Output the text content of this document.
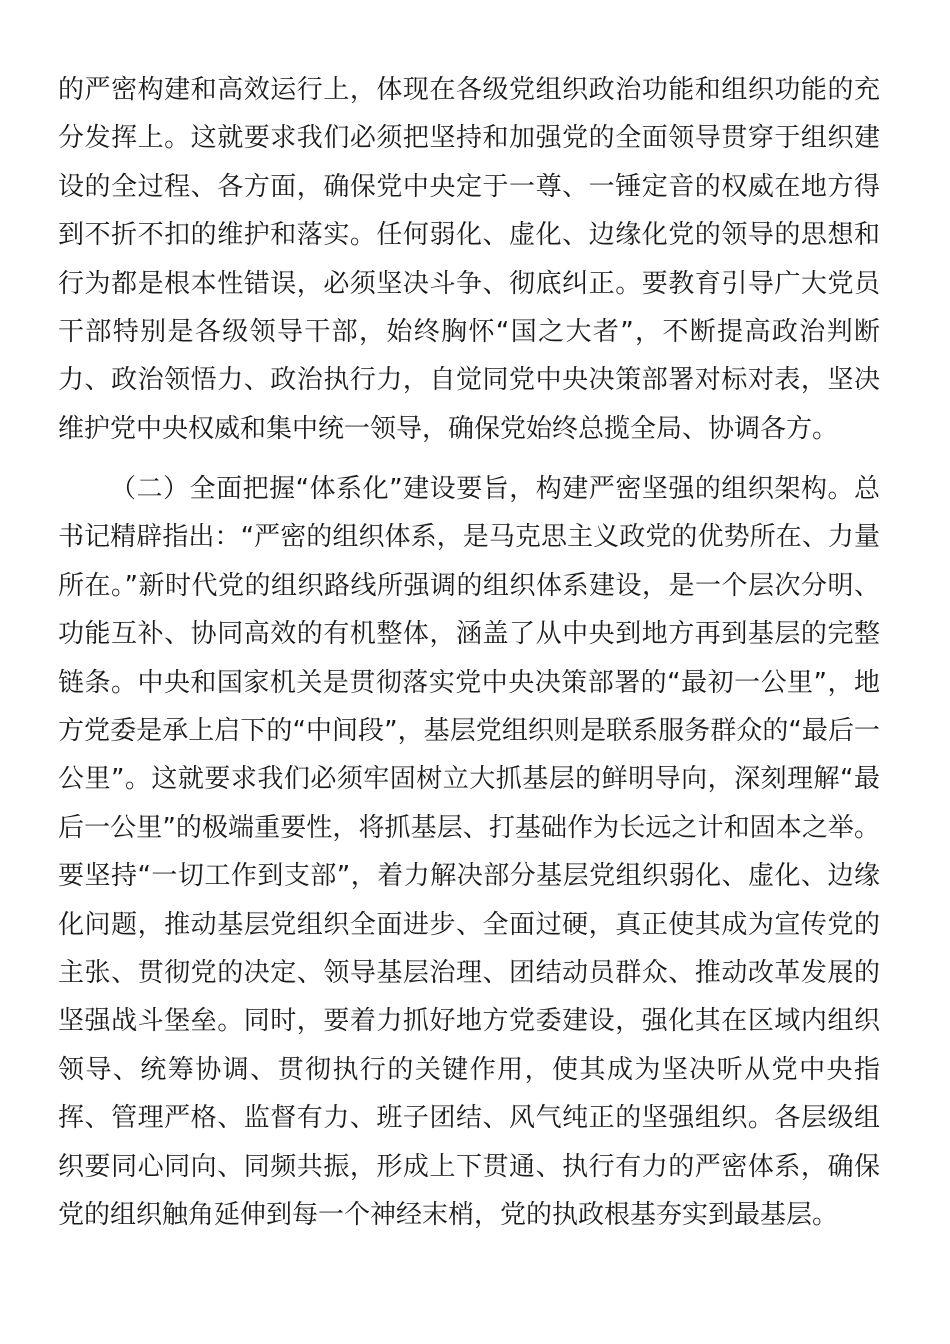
的严密构建和高效运行上，体现在各级党组织政治功能和组织功能的充分发挥上。这就要求我们必须把坚持和加强党的全面领导贯穿于组织建设的全过程、各方面，确保党中央定于一尊、一锤定音的权威在地方得到不折不扣的维护和落实。任何弱化、虚化、边缘化党的领导的思想和行为都是根本性错误，必须坚决斗争、彻底纠正。要教育引导广大党员干部特别是各级领导干部，始终胸怀“国之大者”，不断提高政治判断力、政治领悟力、政治执行力，自觉同党中央决策部署对标对表，坚决维护党中央权威和集中统一领导，确保党始终总揽全局、协调各方。

（二）全面把握“体系化”建设要旨，构建严密坚强的组织架构。总书记精辟指出：“严密的组织体系，是马克思主义政党的优势所在、力量所在。”新时代党的组织路线所强调的组织体系建设，是一个层次分明、功能互补、协同高效的有机整体，涵盖了从中央到地方再到基层的完整链条。中央和国家机关是贯彻落实党中央决策部署的“最初一公里”，地方党委是承上启下的“中间段”，基层党组织则是联系服务群众的“最后一公里”。这就要求我们必须牢固树立大抓基层的鲜明导向，深刻理解“最后一公里”的极端重要性，将抓基层、打基础作为长远之计和固本之举。要坚持“一切工作到支部”，着力解决部分基层党组织弱化、虚化、边缘化问题，推动基层党组织全面进步、全面过硬，真正使其成为宣传党的主张、贯彻党的决定、领导基层治理、团结动员群众、推动改革发展的坚强战斗堡垒。同时，要着力抓好地方党委建设，强化其在区域内组织领导、统筹协调、贯彻执行的关键作用，使其成为坚决听从党中央指挥、管理严格、监督有力、班子团结、风气纯正的坚强组织。各层级组织要同心同向、同频共振，形成上下贯通、执行有力的严密体系，确保党的组织触角延伸到每一个神经末梢，党的执政根基夯实到最基层。
